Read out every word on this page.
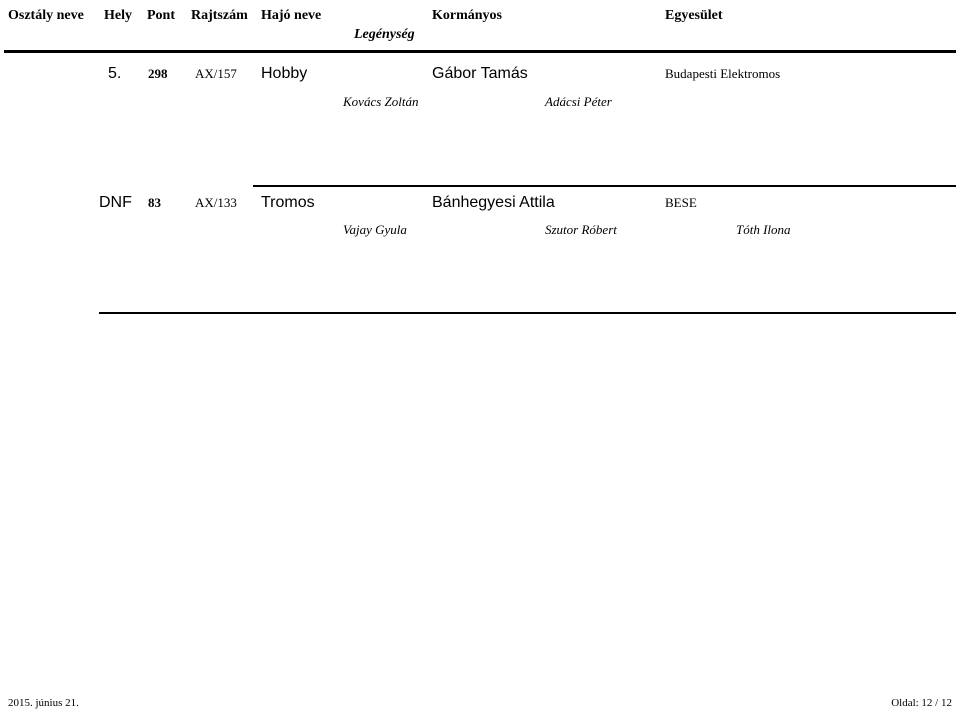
Osztály neve Hely Pont Rajtszám Hajó neve	Kormányos	Egyesület
Legénység
5. 298 AX/157 Hobby	Gábor Tamás	Budapesti Elektromos
Kovács Zoltán	Adácsi Péter
DNF 83	AX/133 Tromos	Bánhegyesi Attila	BESE
Vajay Gyula	Szutor Róbert	Tóth Ilona
2015. június 21.	Oldal: 12 / 12
